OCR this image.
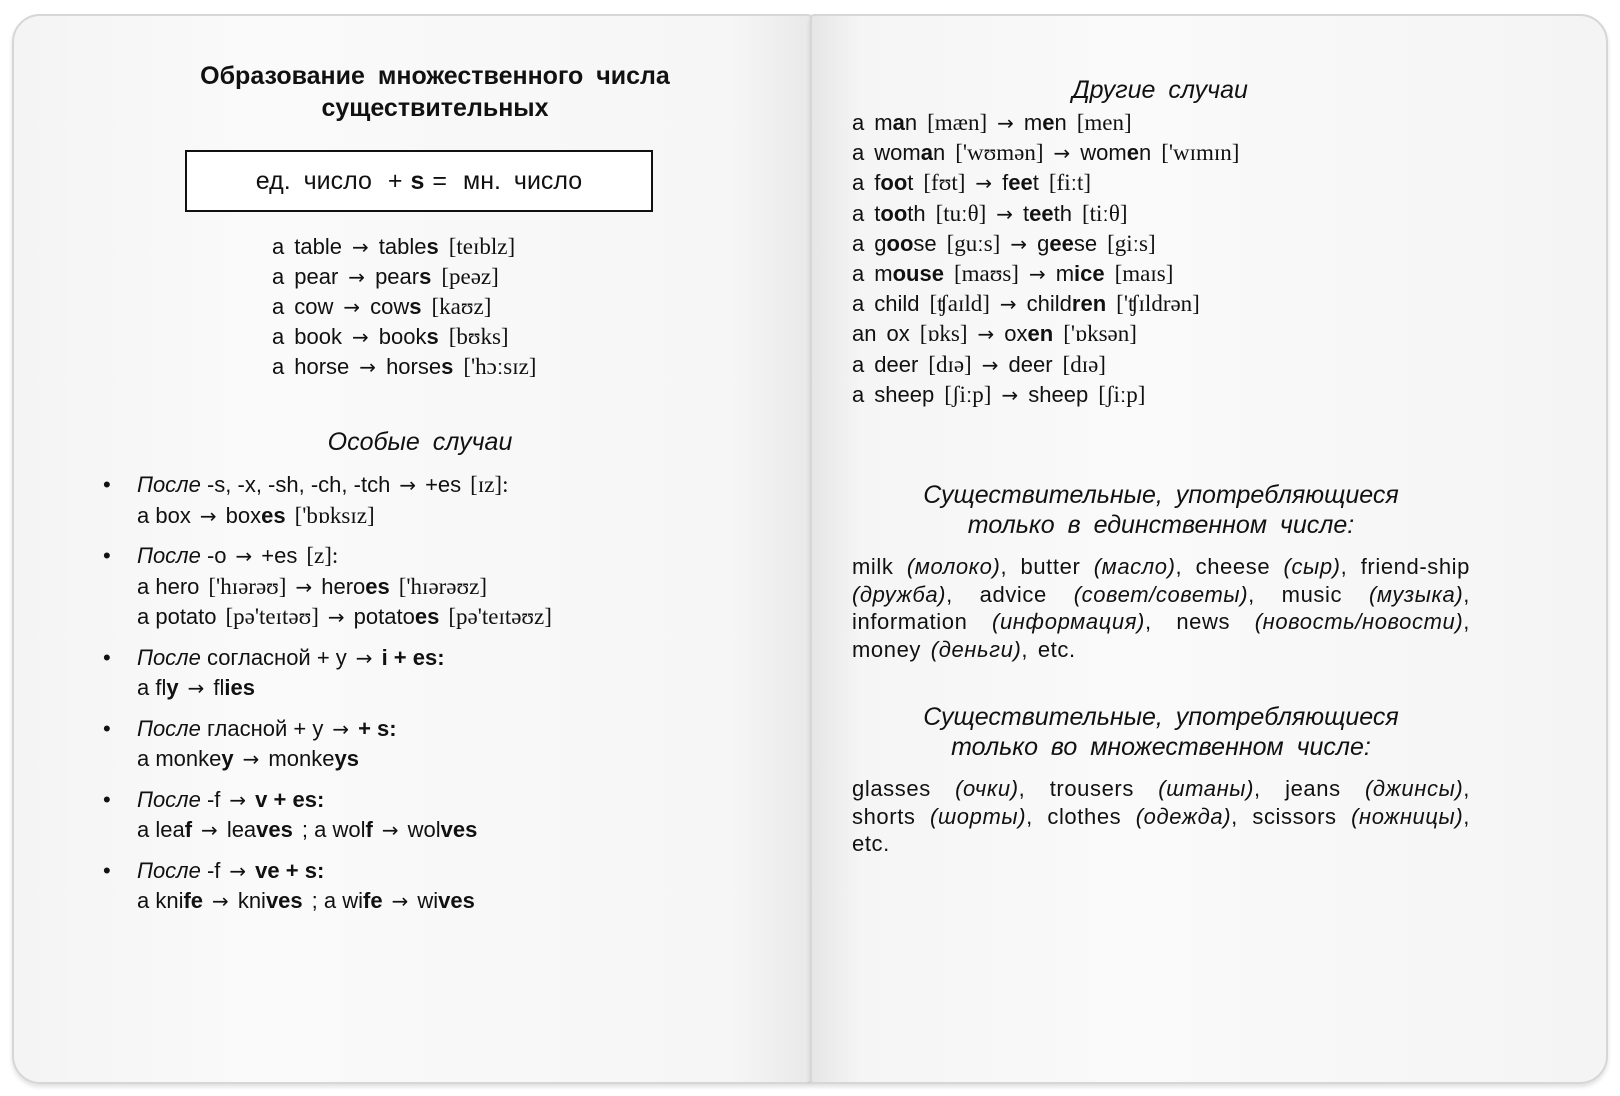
Образование множественного числа существительных
ед. число + s = мн. число
a table → tables [teɪblz]
a pear → pears [peəz]
a cow → cows [kaʊz]
a book → books [bʊks]
a horse → horses ['hɔːsɪz]
Особые случаи
• После -s, -x, -sh, -ch, -tch → +es [ɪz]:
a box → boxes ['bɒksɪz]
• После -o → +es [z]:
a hero ['hɪərəʊ] → heroes ['hɪərəʊz]
a potato [pə'teɪtəʊ] → potatoes [pə'teɪtəʊz]
• После согласной + y → i + es:
a fly → flies
• После гласной + y → + s:
a monkey → monkeys
• После -f → v + es:
a leaf → leaves ; a wolf → wolves
• После -f → ve + s:
a knife → knives ; a wife → wives
Другие случаи
a man [mæn] → men [men]
a woman ['wʊmən] → women ['wɪmɪn]
a foot [fʊt] → feet [fiːt]
a tooth [tuːθ] → teeth [tiːθ]
a goose [guːs] → geese [giːs]
a mouse [maʊs] → mice [maɪs]
a child [ʧaɪld] → children ['ʧɪldrən]
an ox [ɒks] → oxen ['ɒksən]
a deer [dɪə] → deer [dɪə]
a sheep [ʃiːp] → sheep [ʃiːp]
Существительные, употребляющиеся
только в единственном числе:
milk (молоко), butter (масло), cheese (сыр), friend-ship (дружба), advice (совет/советы), music (музыка), information (информация), news (новость/новости), money (деньги), etc.
Существительные, употребляющиеся
только во множественном числе:
glasses (очки), trousers (штаны), jeans (джинсы), shorts (шорты), clothes (одежда), scissors (ножницы), etc.
